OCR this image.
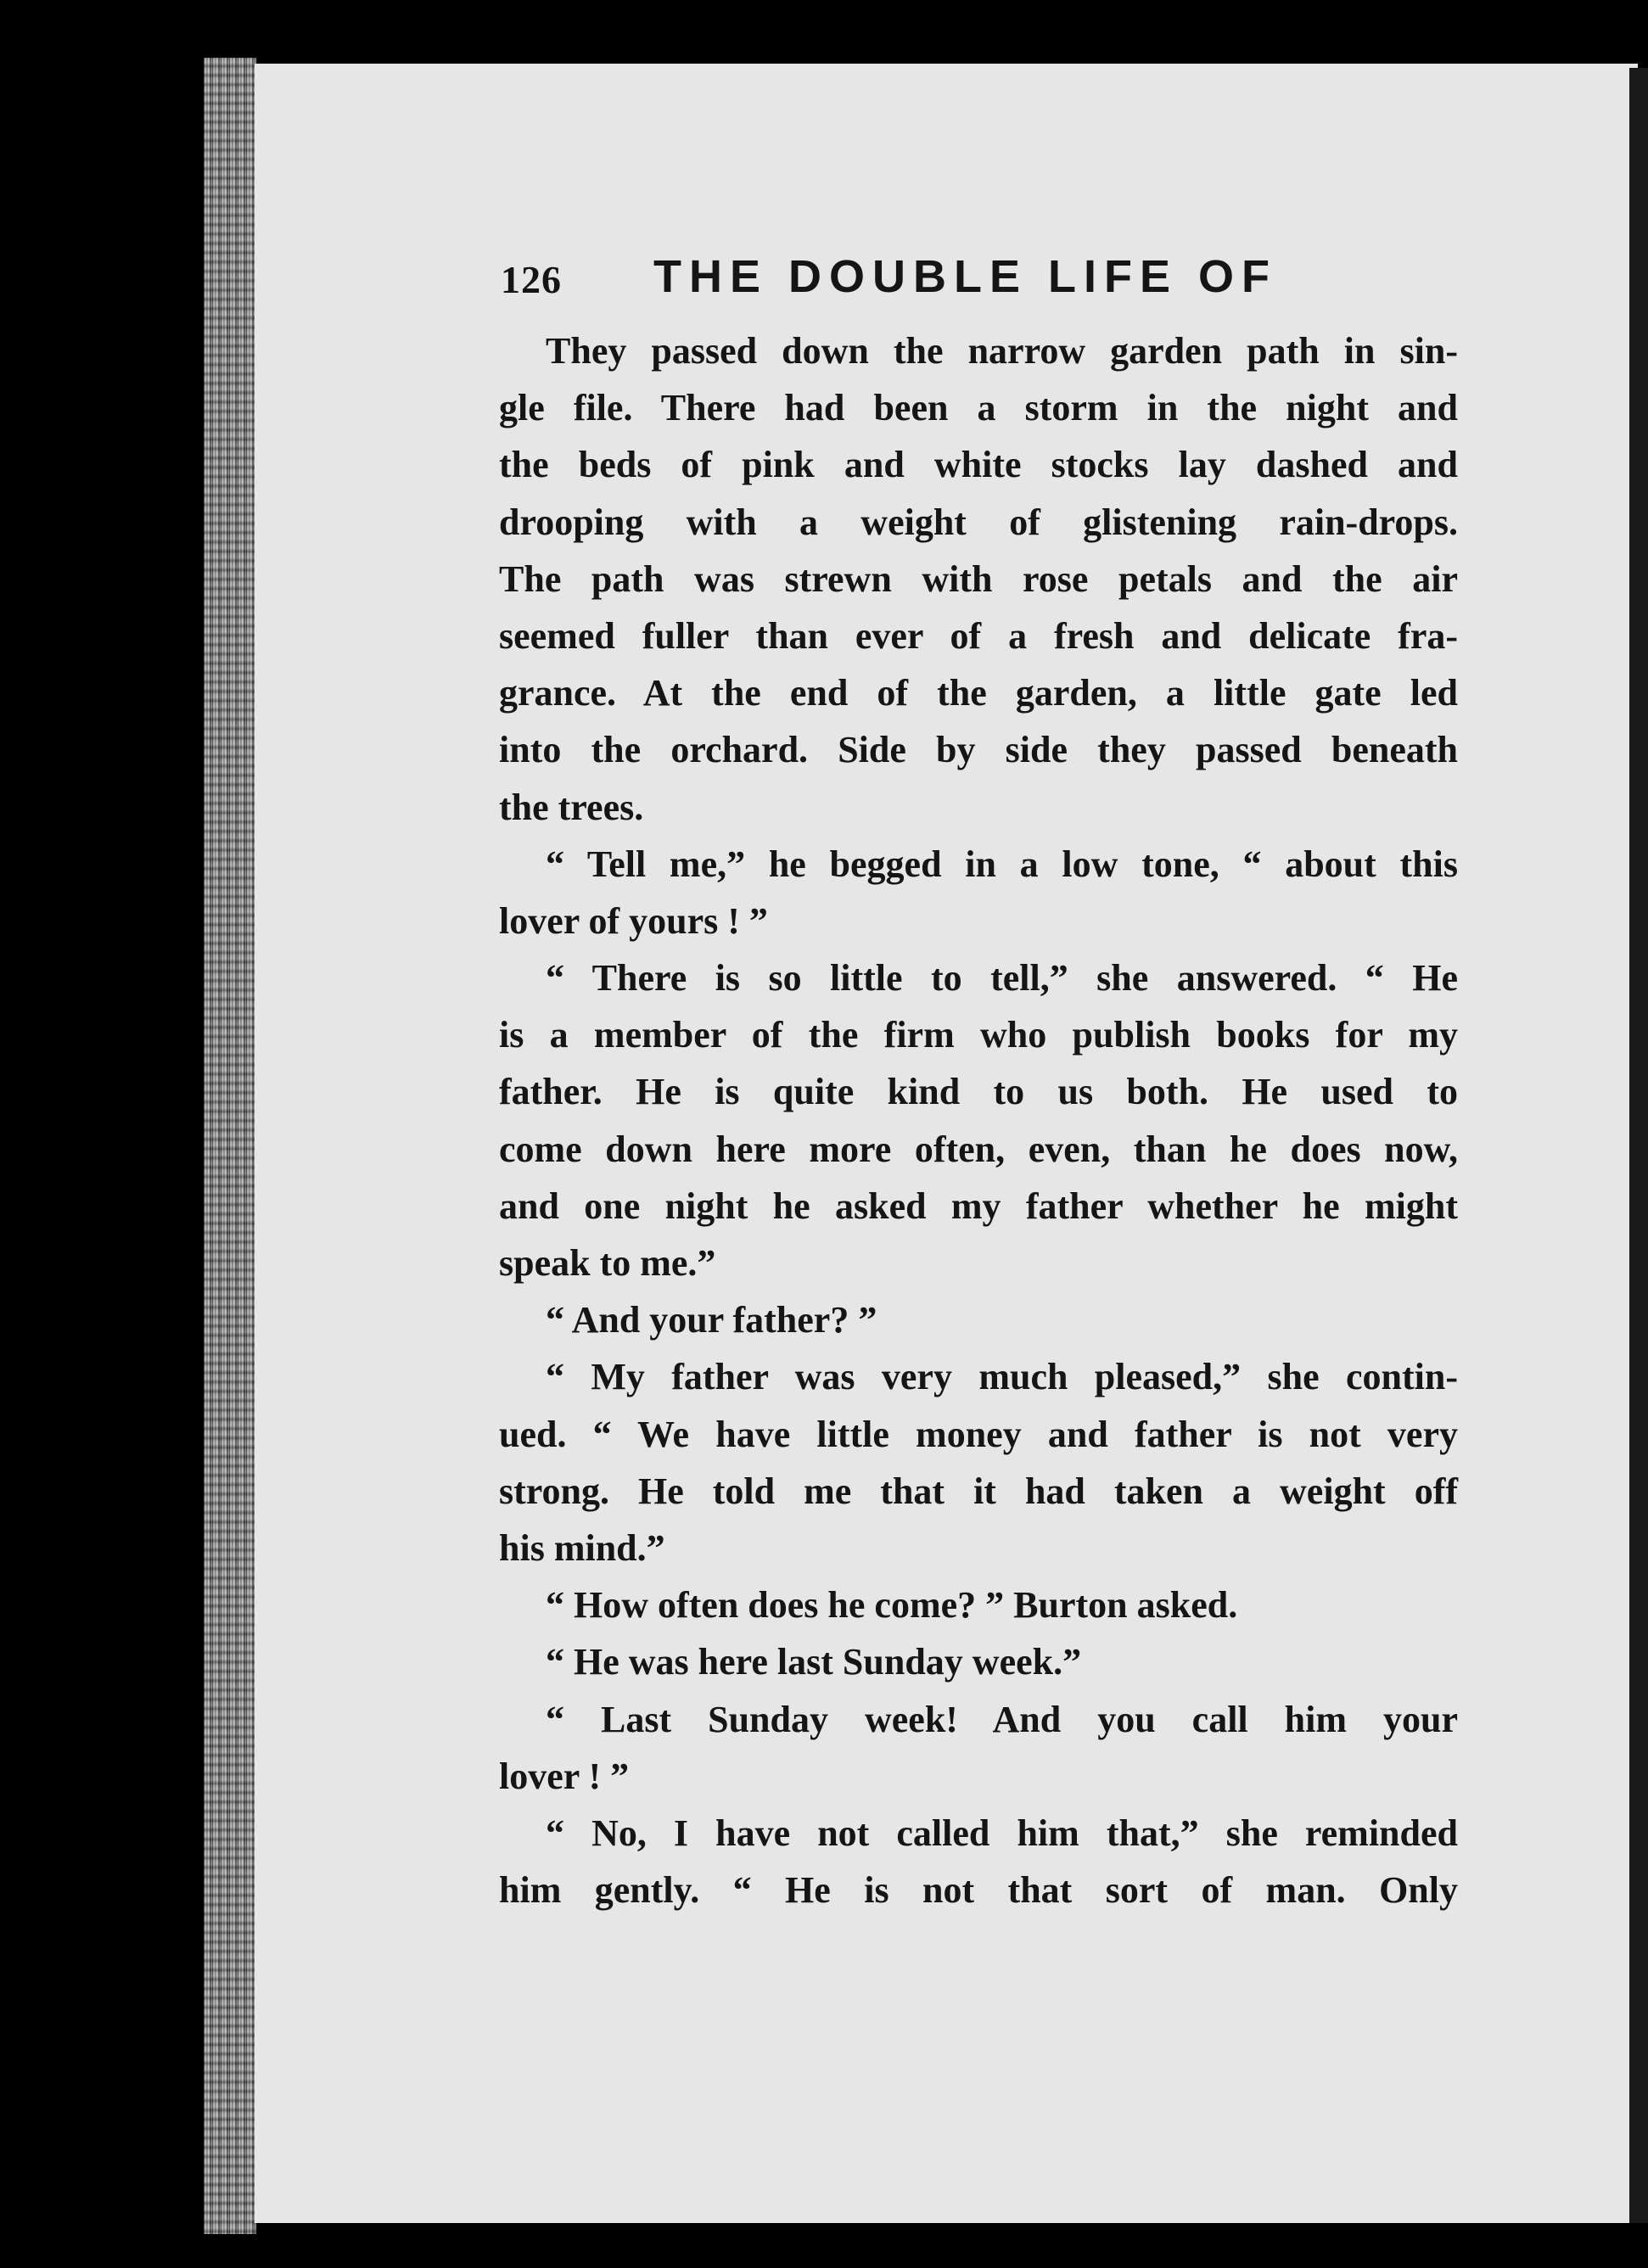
126 THE DOUBLE LIFE OF
They passed down the narrow garden path in sin-
gle file. There had been a storm in the night and
the beds of pink and white stocks lay dashed and
drooping with a weight of glistening rain-drops.
The path was strewn with rose petals and the air
seemed fuller than ever of a fresh and delicate fra-
grance. At the end of the garden, a little gate led
into the orchard. Side by side they passed beneath
the trees.
“ Tell me,” he begged in a low tone, “ about this
lover of yours ! ”
“ There is so little to tell,” she answered. “ He
is a member of the firm who publish books for my
father. He is quite kind to us both. He used to
come down here more often, even, than he does now,
and one night he asked my father whether he might
speak to me.”
“ And your father? ”
“ My father was very much pleased,” she contin-
ued. “ We have little money and father is not very
strong. He told me that it had taken a weight off
his mind.”
“ How often does he come? ” Burton asked.
“ He was here last Sunday week.”
“ Last Sunday week! And you call him your
lover ! ”
“ No, I have not called him that,” she reminded
him gently. “ He is not that sort of man. Only
